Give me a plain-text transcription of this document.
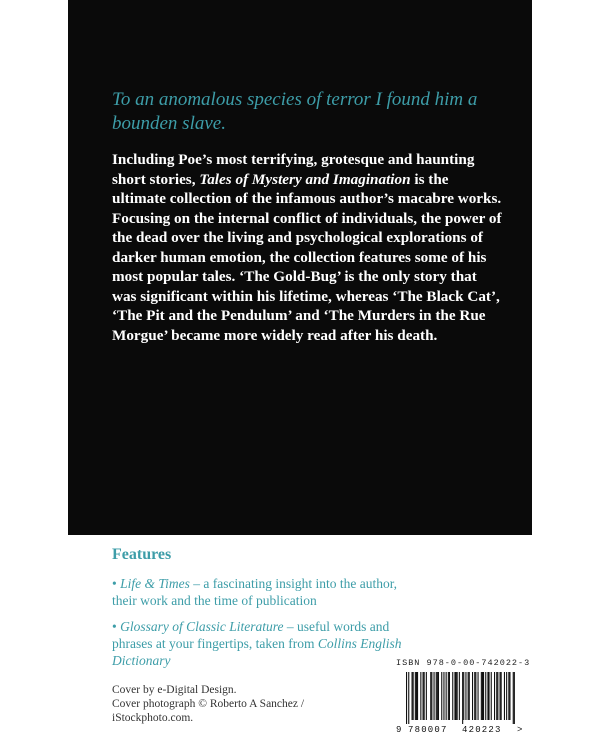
To an anomalous species of terror I found him a bounden slave.

Including Poe’s most terrifying, grotesque and haunting short stories, Tales of Mystery and Imagination is the ultimate collection of the infamous author’s macabre works. Focusing on the internal conflict of individuals, the power of the dead over the living and psychological explorations of darker human emotion, the collection features some of his most popular tales. ‘The Gold-Bug’ is the only story that was significant within his lifetime, whereas ‘The Black Cat’, ‘The Pit and the Pendulum’ and ‘The Murders in the Rue Morgue’ became more widely read after his death.

Features

• Life & Times – a fascinating insight into the author, their work and the time of publication

• Glossary of Classic Literature – useful words and phrases at your fingertips, taken from Collins English Dictionary

Cover by e-Digital Design.
Cover photograph © Roberto A Sanchez / iStockphoto.com.

ISBN 978-0-00-742022-3

9 780007 420223 >
